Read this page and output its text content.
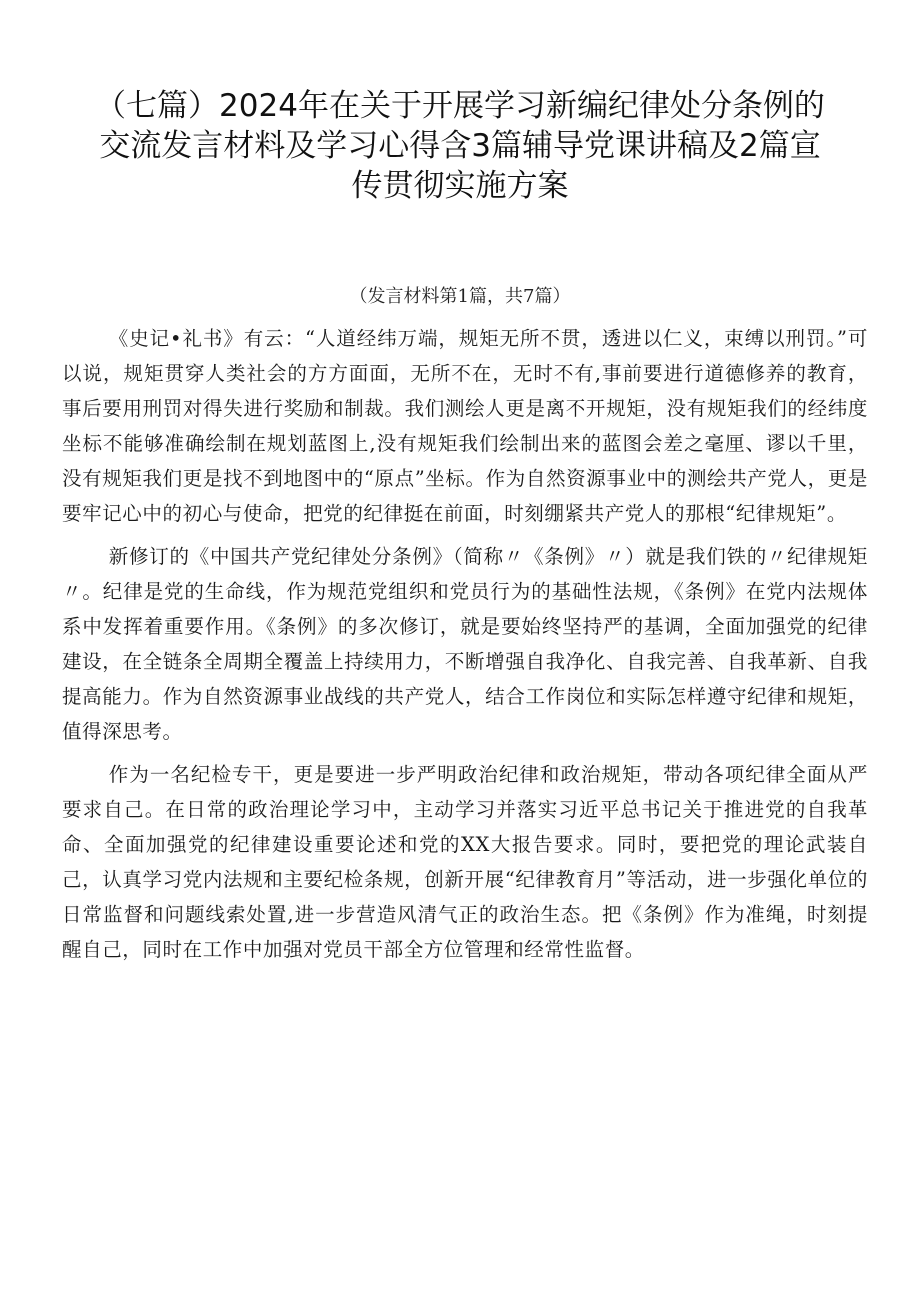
（七篇）2024年在关于开展学习新编纪律处分条例的
交流发言材料及学习心得含3篇辅导党课讲稿及2篇宣
传贯彻实施方案
（发言材料第1篇，共7篇）

《史记•礼书》有云：“人道经纬万端，规矩无所不贯，透进以仁义，束缚以刑罚。”可以说，规矩贯穿人类社会的方方面面，无所不在，无时不有,事前要进行道德修养的教育，事后要用刑罚对得失进行奖励和制裁。我们测绘人更是离不开规矩，没有规矩我们的经纬度坐标不能够准确绘制在规划蓝图上,没有规矩我们绘制出来的蓝图会差之毫厘、谬以千里，没有规矩我们更是找不到地图中的“原点”坐标。作为自然资源事业中的测绘共产党人，更是要牢记心中的初心与使命，把党的纪律挺在前面，时刻绷紧共产党人的那根“纪律规矩”。

新修订的《中国共产党纪律处分条例》（简称〃《条例》〃）就是我们铁的〃纪律规矩〃。纪律是党的生命线，作为规范党组织和党员行为的基础性法规，《条例》在党内法规体系中发挥着重要作用。《条例》的多次修订，就是要始终坚持严的基调，全面加强党的纪律建设，在全链条全周期全覆盖上持续用力，不断增强自我净化、自我完善、自我革新、自我提高能力。作为自然资源事业战线的共产党人，结合工作岗位和实际怎样遵守纪律和规矩，值得深思考。

作为一名纪检专干，更是要进一步严明政治纪律和政治规矩，带动各项纪律全面从严要求自己。在日常的政治理论学习中，主动学习并落实习近平总书记关于推进党的自我革命、全面加强党的纪律建设重要论述和党的XX大报告要求。同时，要把党的理论武装自己，认真学习党内法规和主要纪检条规，创新开展“纪律教育月”等活动，进一步强化单位的日常监督和问题线索处置,进一步营造风清气正的政治生态。把《条例》作为准绳，时刻提醒自己，同时在工作中加强对党员干部全方位管理和经常性监督。
